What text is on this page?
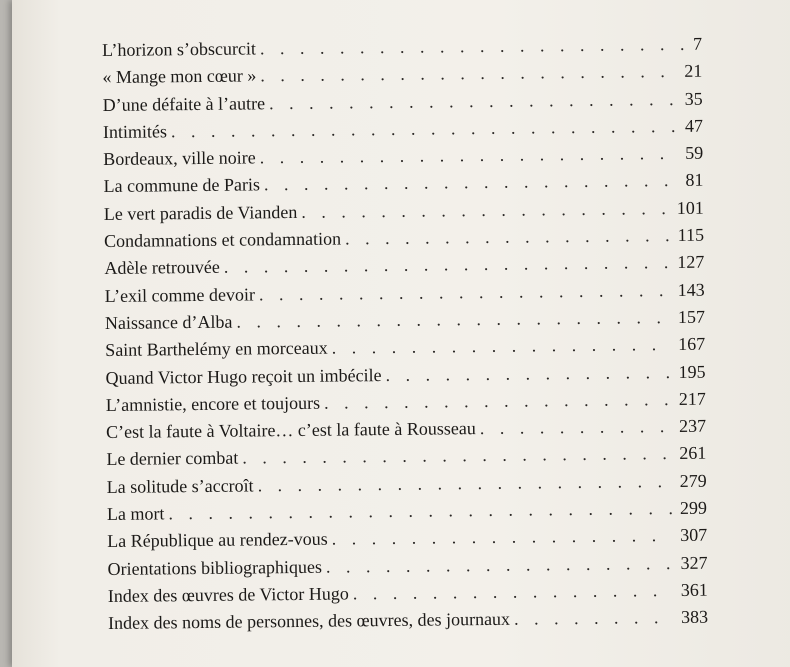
L’horizon s’obscurcit . . .	7
« Mange mon cœur » . . .	21
D’une défaite à l’autre . . .	35
Intimités . . .	47
Bordeaux, ville noire . . .	59
La commune de Paris . . .	81
Le vert paradis de Vianden . . .	101
Condamnations et condamnation . . .	115
Adèle retrouvée . . .	127
L’exil comme devoir . . .	143
Naissance d’Alba . . .	157
Saint Barthelémy en morceaux . . .	167
Quand Victor Hugo reçoit un imbécile . . .	195
L’amnistie, encore et toujours . . .	217
C’est la faute à Voltaire… c’est la faute à Rousseau . . .	237
Le dernier combat . . .	261
La solitude s’accroît . . .	279
La mort . . .	299
La République au rendez-vous . . .	307
Orientations bibliographiques . . .	327
Index des œuvres de Victor Hugo . . .	361
Index des noms de personnes, des œuvres, des journaux . . .	383
